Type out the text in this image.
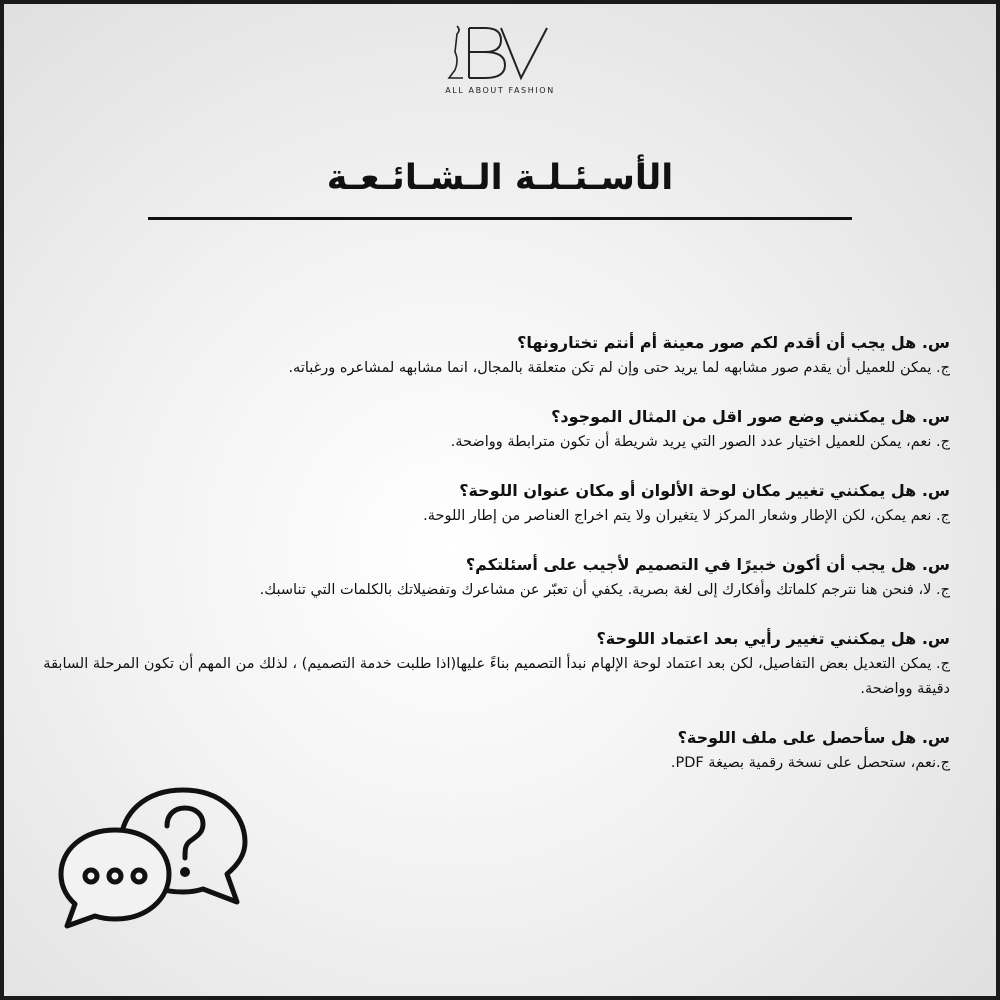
ALL ABOUT FASHION
الأسـئـلـة الـشـائـعـة
س. هل يجب أن أقدم لكم صور معينة أم أنتم تختارونها؟
ج. يمكن للعميل أن يقدم صور مشابهه لما يريد حتى وإن لم تكن متعلقة بالمجال، انما مشابهه لمشاعره ورغباته.
س. هل يمكنني وضع صور اقل من المثال الموجود؟
ج. نعم، يمكن للعميل اختيار عدد الصور التي يريد شريطة أن تكون مترابطة وواضحة.
س. هل يمكنني تغيير مكان لوحة الألوان أو مكان عنوان اللوحة؟
ج. نعم يمكن، لكن الإطار وشعار المركز لا يتغيران ولا يتم اخراج العناصر من إطار اللوحة.
س. هل يجب أن أكون خبيرًا في التصميم لأجيب على أسئلتكم؟
ج. لا، فنحن هنا نترجم كلماتك وأفكارك إلى لغة بصرية. يكفي أن تعبّر عن مشاعرك وتفضيلاتك بالكلمات التي تناسبك.
س. هل يمكنني تغيير رأيي بعد اعتماد اللوحة؟
ج. يمكن التعديل بعض التفاصيل، لكن بعد اعتماد لوحة الإلهام نبدأ التصميم بناءً عليها(اذا طلبت خدمة التصميم) ، لذلك من المهم أن تكون المرحلة السابقة دقيقة وواضحة.
س. هل سأحصل على ملف اللوحة؟
ج.نعم، ستحصل على نسخة رقمية بصيغة PDF.
